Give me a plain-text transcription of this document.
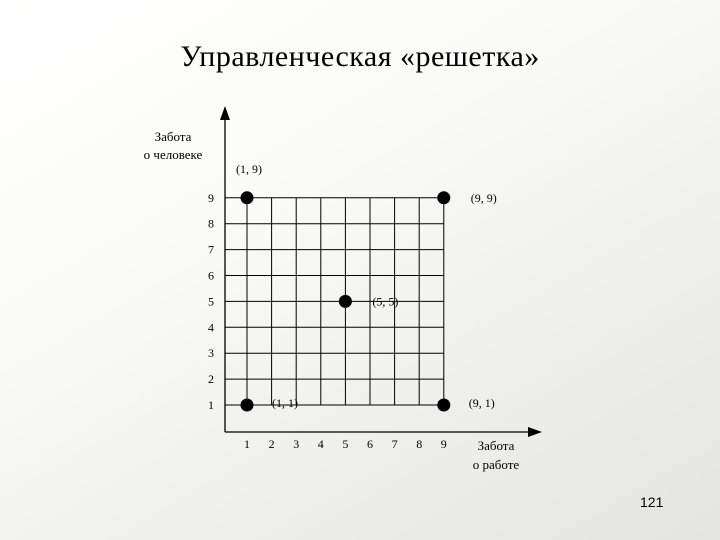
Управленческая «решетка»
Забота
о человеке
Забота
о работе
1 2 3 4 5 6 7 8 9
1
2
3
4
5
6
7
8
9
(1, 9)
(9, 9)
(5, 5)
(1, 1)	(9, 1)
121
